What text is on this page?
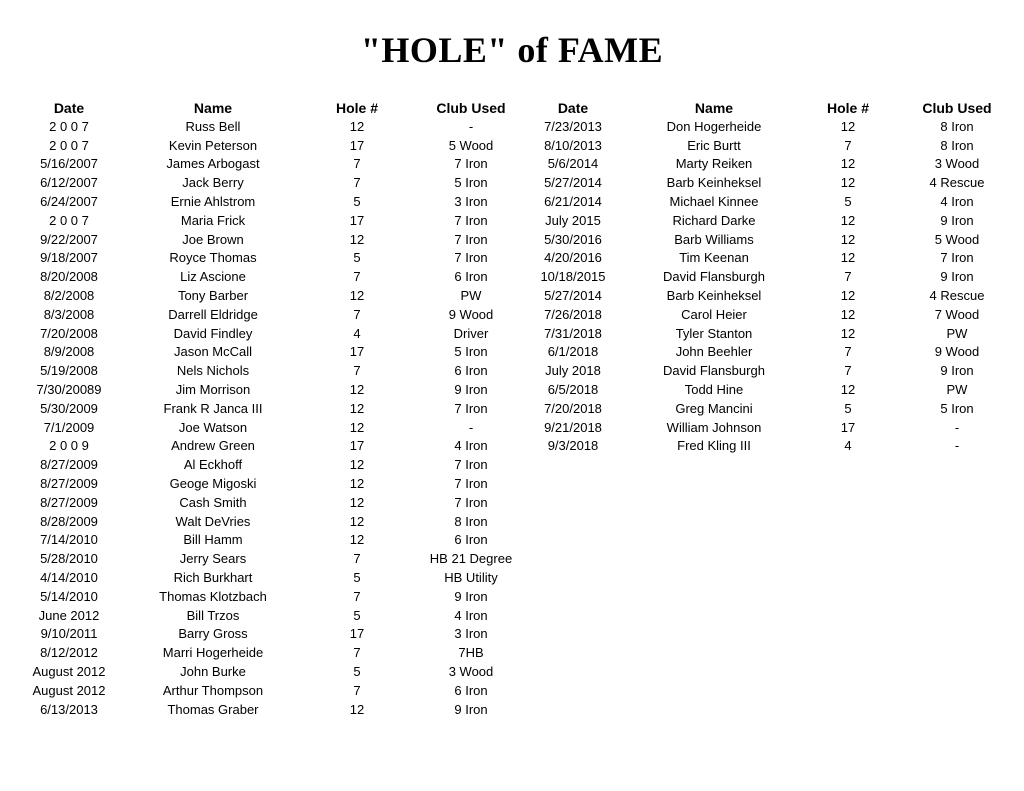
"HOLE" of FAME
Date	Name	Hole #	Club Used
2 0 0 7	Russ Bell	12	-
2 0 0 7	Kevin Peterson	17	5 Wood
5/16/2007	James Arbogast	7	7 Iron
6/12/2007	Jack Berry	7	5 Iron
6/24/2007	Ernie Ahlstrom	5	3 Iron
2 0 0 7	Maria Frick	17	7 Iron
9/22/2007	Joe Brown	12	7 Iron
9/18/2007	Royce Thomas	5	7 Iron
8/20/2008	Liz Ascione	7	6 Iron
8/2/2008	Tony Barber	12	PW
8/3/2008	Darrell Eldridge	7	9 Wood
7/20/2008	David Findley	4	Driver
8/9/2008	Jason McCall	17	5 Iron
5/19/2008	Nels Nichols	7	6 Iron
7/30/20089	Jim Morrison	12	9 Iron
5/30/2009	Frank R Janca III	12	7 Iron
7/1/2009	Joe Watson	12	-
2 0 0 9	Andrew Green	17	4 Iron
8/27/2009	Al Eckhoff	12	7 Iron
8/27/2009	Geoge Migoski	12	7 Iron
8/27/2009	Cash Smith	12	7 Iron
8/28/2009	Walt DeVries	12	8 Iron
7/14/2010	Bill Hamm	12	6 Iron
5/28/2010	Jerry Sears	7	HB 21 Degree
4/14/2010	Rich Burkhart	5	HB Utility
5/14/2010	Thomas Klotzbach	7	9 Iron
June 2012	Bill Trzos	5	4 Iron
9/10/2011	Barry Gross	17	3 Iron
8/12/2012	Marri Hogerheide	7	7HB
August 2012	John Burke	5	3 Wood
August 2012	Arthur Thompson	7	6 Iron
6/13/2013	Thomas Graber	12	9 Iron
Date	Name	Hole #	Club Used
7/23/2013	Don Hogerheide	12	8 Iron
8/10/2013	Eric Burtt	7	8 Iron
5/6/2014	Marty Reiken	12	3 Wood
5/27/2014	Barb Keinheksel	12	4 Rescue
6/21/2014	Michael Kinnee	5	4 Iron
July 2015	Richard Darke	12	9 Iron
5/30/2016	Barb Williams	12	5 Wood
4/20/2016	Tim Keenan	12	7 Iron
10/18/2015	David Flansburgh	7	9 Iron
5/27/2014	Barb Keinheksel	12	4 Rescue
7/26/2018	Carol Heier	12	7 Wood
7/31/2018	Tyler Stanton	12	PW
6/1/2018	John Beehler	7	9 Wood
July 2018	David Flansburgh	7	9 Iron
6/5/2018	Todd Hine	12	PW
7/20/2018	Greg Mancini	5	5 Iron
9/21/2018	William Johnson	17	-
9/3/2018	Fred Kling III	4	-
